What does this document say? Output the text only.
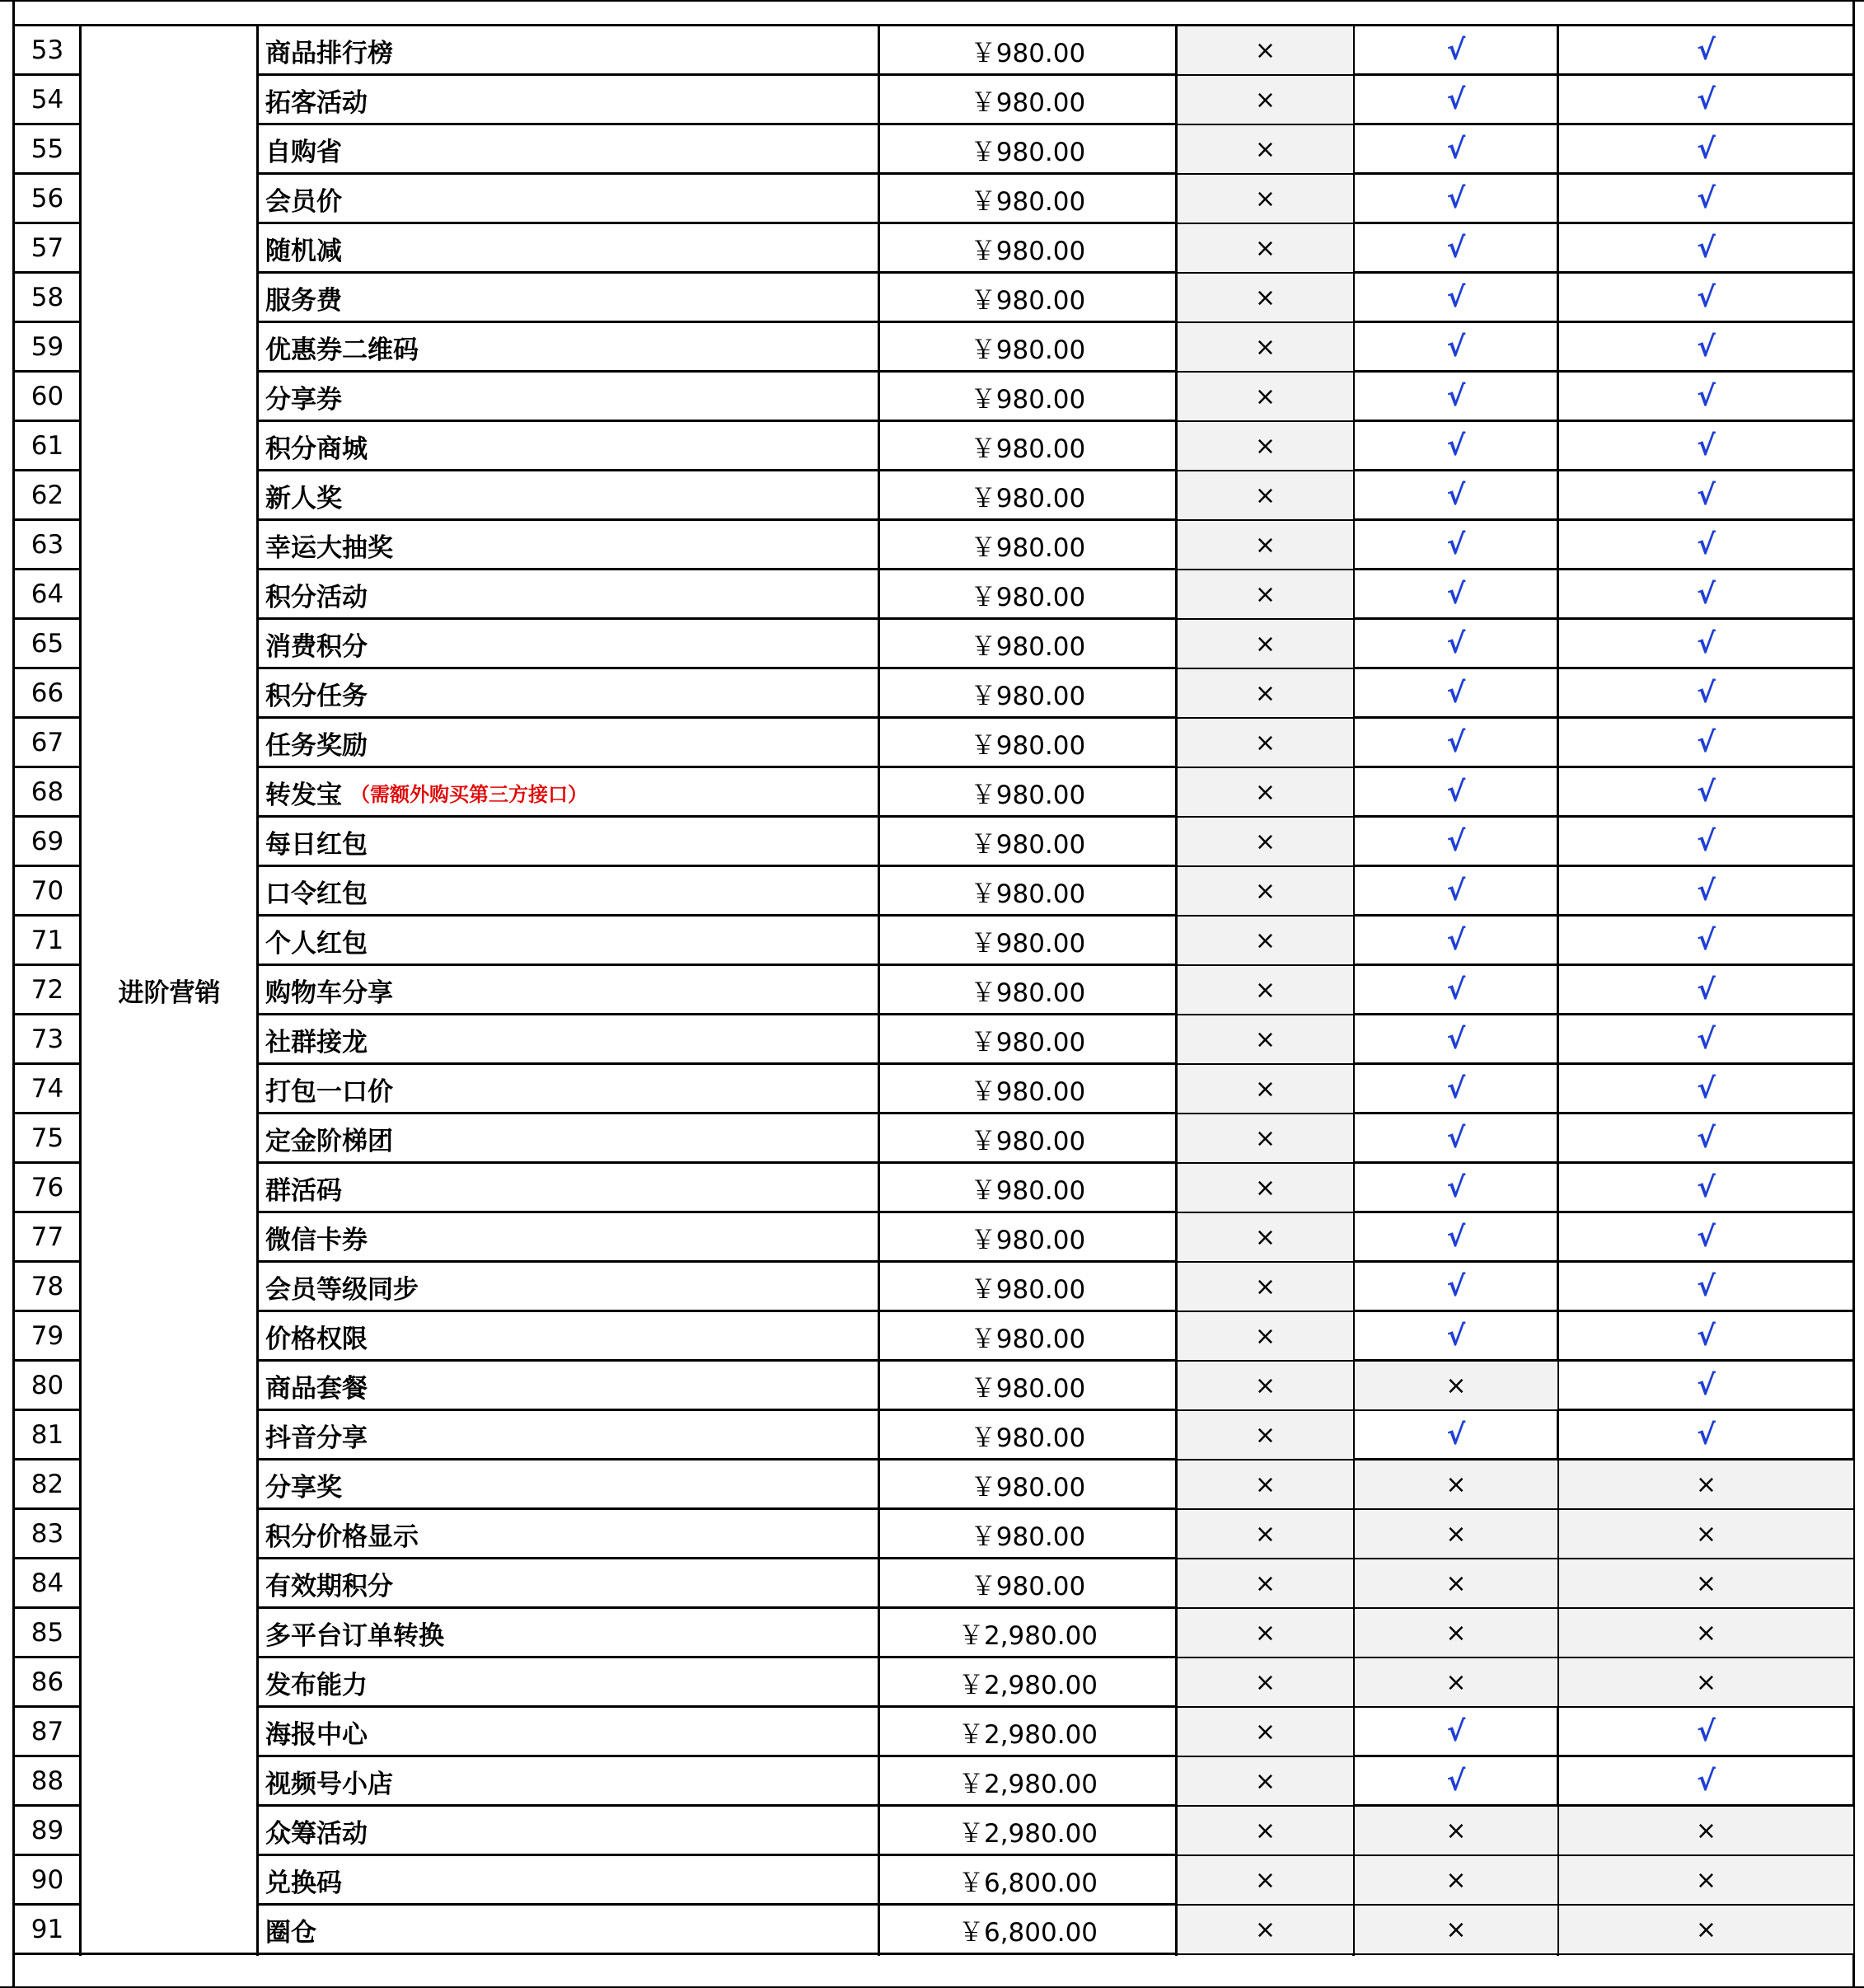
53	商品排行榜	￥980.00	×	√	√
54	拓客活动	￥980.00	×	√	√
55	自购省	￥980.00	×	√	√
56	会员价	￥980.00	×	√	√
57	随机减	￥980.00	×	√	√
58	服务费	￥980.00	×	√	√
59	优惠券二维码	￥980.00	×	√	√
60	分享券	￥980.00	×	√	√
61	积分商城	￥980.00	×	√	√
62	新人奖	￥980.00	×	√	√
63	幸运大抽奖	￥980.00	×	√	√
64	积分活动	￥980.00	×	√	√
65	消费积分	￥980.00	×	√	√
66	积分任务	￥980.00	×	√	√
67	任务奖励	￥980.00	×	√	√
68	转发宝 （需额外购买第三方接口）	￥980.00	×	√	√
69	每日红包	￥980.00	×	√	√
70	口令红包	￥980.00	×	√	√
71	个人红包	￥980.00	×	√	√
72	购物车分享	￥980.00	×	√	√
73	社群接龙	￥980.00	×	√	√
74	打包一口价	￥980.00	×	√	√
75	定金阶梯团	￥980.00	×	√	√
76	群活码	￥980.00	×	√	√
77	微信卡券	￥980.00	×	√	√
78	会员等级同步	￥980.00	×	√	√
79	价格权限	￥980.00	×	√	√
80	商品套餐	￥980.00	×	×	√
81	抖音分享	￥980.00	×	√	√
82	分享奖	￥980.00	×	×	×
83	积分价格显示	￥980.00	×	×	×
84	有效期积分	￥980.00	×	×	×
85	多平台订单转换	￥2,980.00	×	×	×
86	发布能力	￥2,980.00	×	×	×
87	海报中心	￥2,980.00	×	√	√
88	视频号小店	￥2,980.00	×	√	√
89	众筹活动	￥2,980.00	×	×	×
90	兑换码	￥6,800.00	×	×	×
91	圈仓	￥6,800.00	×	×	×
进阶营销
